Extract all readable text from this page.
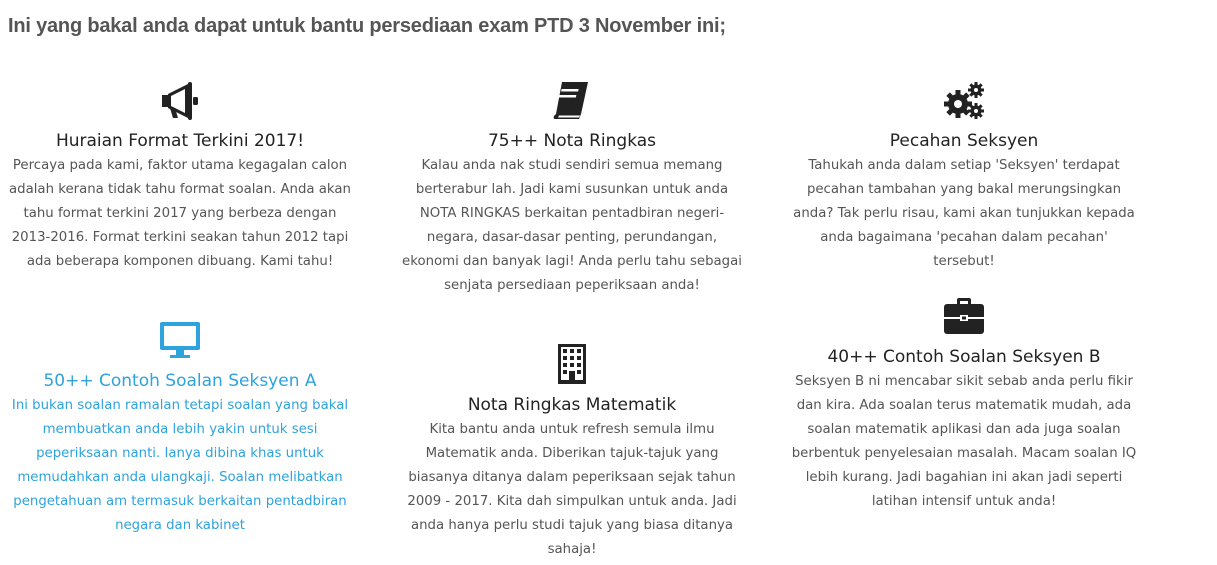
Ini yang bakal anda dapat untuk bantu persediaan exam PTD 3 November ini;
Huraian Format Terkini 2017!
Percaya pada kami, faktor utama kegagalan calon adalah kerana tidak tahu format soalan. Anda akan tahu format terkini 2017 yang berbeza dengan 2013-2016. Format terkini seakan tahun 2012 tapi ada beberapa komponen dibuang. Kami tahu!
75++ Nota Ringkas
Kalau anda nak studi sendiri semua memang berterabur lah. Jadi kami susunkan untuk anda NOTA RINGKAS berkaitan pentadbiran negeri-negara, dasar-dasar penting, perundangan, ekonomi dan banyak lagi! Anda perlu tahu sebagai senjata persediaan peperiksaan anda!
Pecahan Seksyen
Tahukah anda dalam setiap 'Seksyen' terdapat pecahan tambahan yang bakal merungsingkan anda? Tak perlu risau, kami akan tunjukkan kepada anda bagaimana 'pecahan dalam pecahan' tersebut!
50++ Contoh Soalan Seksyen A
Ini bukan soalan ramalan tetapi soalan yang bakal membuatkan anda lebih yakin untuk sesi peperiksaan nanti. Ianya dibina khas untuk memudahkan anda ulangkaji. Soalan melibatkan pengetahuan am termasuk berkaitan pentadbiran negara dan kabinet
Nota Ringkas Matematik
Kita bantu anda untuk refresh semula ilmu Matematik anda. Diberikan tajuk-tajuk yang biasanya ditanya dalam peperiksaan sejak tahun 2009 - 2017. Kita dah simpulkan untuk anda. Jadi anda hanya perlu studi tajuk yang biasa ditanya sahaja!
40++ Contoh Soalan Seksyen B
Seksyen B ni mencabar sikit sebab anda perlu fikir dan kira. Ada soalan terus matematik mudah, ada soalan matematik aplikasi dan ada juga soalan berbentuk penyelesaian masalah. Macam soalan IQ lebih kurang. Jadi bagahian ini akan jadi seperti latihan intensif untuk anda!
